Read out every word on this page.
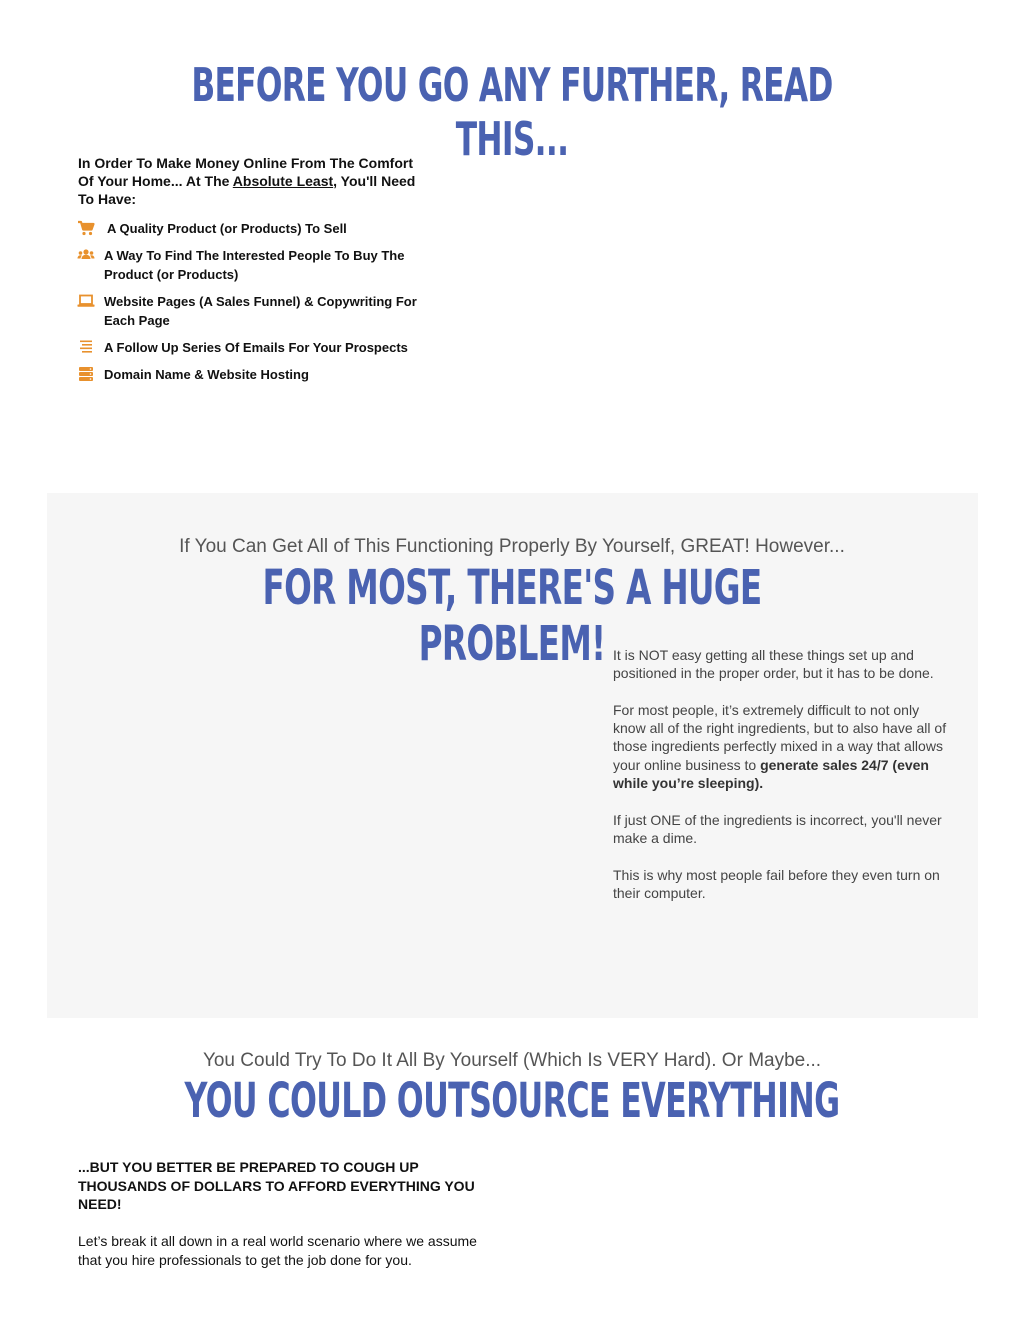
BEFORE YOU GO ANY FURTHER, READ THIS...

In Order To Make Money Online From The Comfort Of Your Home... At The Absolute Least, You'll Need To Have:

A Quality Product (or Products) To Sell
A Way To Find The Interested People To Buy The Product (or Products)
Website Pages (A Sales Funnel) & Copywriting For Each Page
A Follow Up Series Of Emails For Your Prospects
Domain Name & Website Hosting

If You Can Get All of This Functioning Properly By Yourself, GREAT! However...

FOR MOST, THERE'S A HUGE PROBLEM! It is NOT easy getting all these things set up and positioned in the proper order, but it has to be done.

For most people, it’s extremely difficult to not only know all of the right ingredients, but to also have all of those ingredients perfectly mixed in a way that allows your online business to generate sales 24/7 (even while you’re sleeping).

If just ONE of the ingredients is incorrect, you'll never make a dime.

This is why most people fail before they even turn on their computer.

You Could Try To Do It All By Yourself (Which Is VERY Hard). Or Maybe...

YOU COULD OUTSOURCE EVERYTHING

...BUT YOU BETTER BE PREPARED TO COUGH UP THOUSANDS OF DOLLARS TO AFFORD EVERYTHING YOU NEED!

Let’s break it all down in a real world scenario where we assume that you hire professionals to get the job done for you.
